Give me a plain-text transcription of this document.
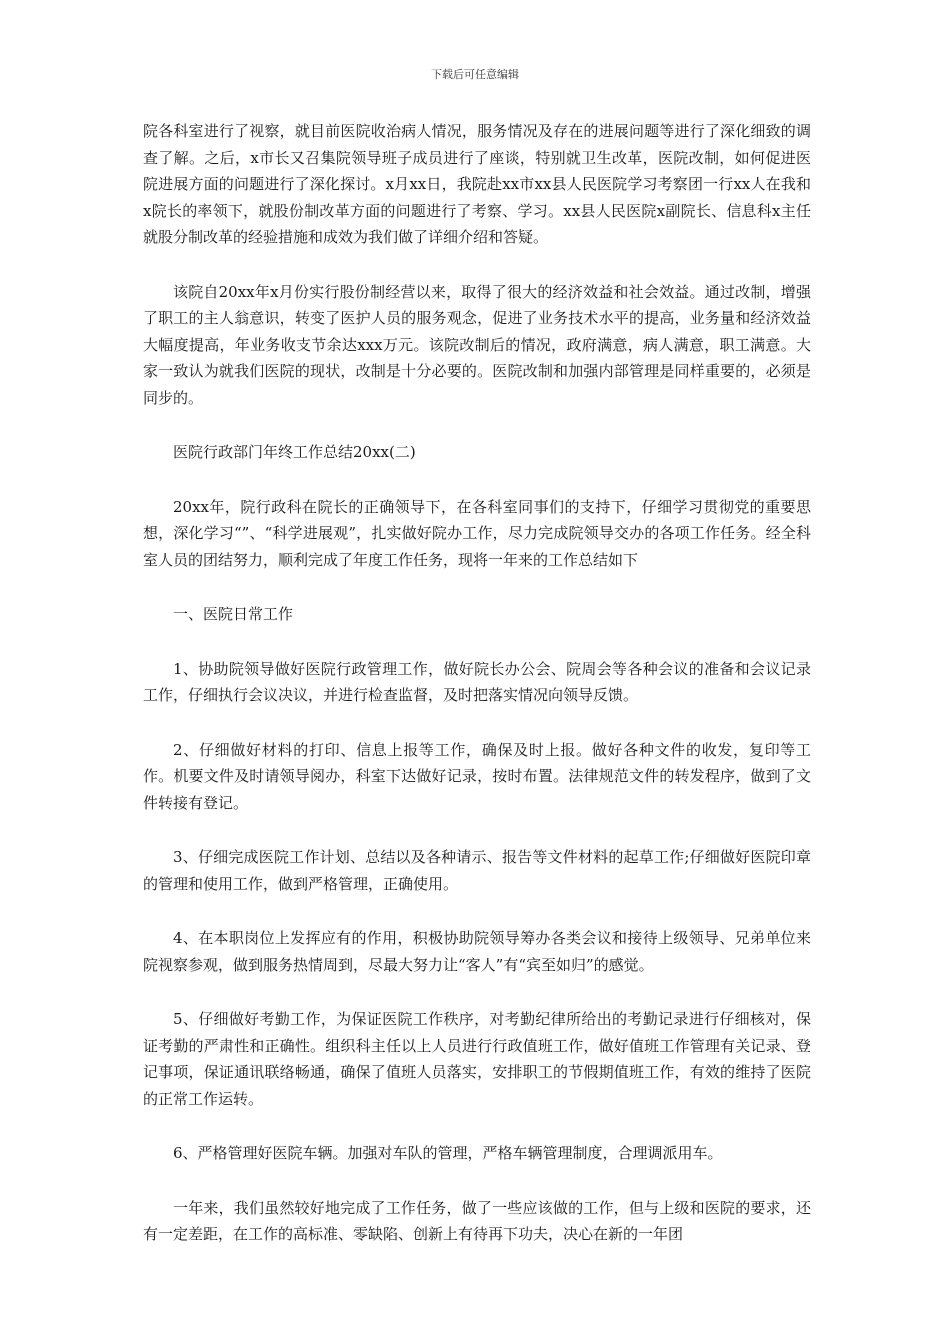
下载后可任意编辑

院各科室进行了视察，就目前医院收治病人情况，服务情况及存在的进展问题等进行了深化细致的调查了解。之后，x市长又召集院领导班子成员进行了座谈，特别就卫生改革，医院改制，如何促进医院进展方面的问题进行了深化探讨。x月xx日，我院赴xx市xx县人民医院学习考察团一行xx人在我和x院长的率领下，就股份制改革方面的问题进行了考察、学习。xx县人民医院x副院长、信息科x主任就股分制改革的经验措施和成效为我们做了详细介绍和答疑。

该院自20xx年x月份实行股份制经营以来，取得了很大的经济效益和社会效益。通过改制，增强了职工的主人翁意识，转变了医护人员的服务观念，促进了业务技术水平的提高，业务量和经济效益大幅度提高，年业务收支节余达xxx万元。该院改制后的情况，政府满意，病人满意，职工满意。大家一致认为就我们医院的现状，改制是十分必要的。医院改制和加强内部管理是同样重要的，必须是同步的。

医院行政部门年终工作总结20xx(二)

20xx年，院行政科在院长的正确领导下，在各科室同事们的支持下，仔细学习贯彻党的重要思想，深化学习“”、“科学进展观”，扎实做好院办工作，尽力完成院领导交办的各项工作任务。经全科室人员的团结努力，顺利完成了年度工作任务，现将一年来的工作总结如下

一、医院日常工作

1、协助院领导做好医院行政管理工作，做好院长办公会、院周会等各种会议的准备和会议记录工作，仔细执行会议决议，并进行检查监督，及时把落实情况向领导反馈。

2、仔细做好材料的打印、信息上报等工作，确保及时上报。做好各种文件的收发，复印等工作。机要文件及时请领导阅办，科室下达做好记录，按时布置。法律规范文件的转发程序，做到了文件转接有登记。

3、仔细完成医院工作计划、总结以及各种请示、报告等文件材料的起草工作;仔细做好医院印章的管理和使用工作，做到严格管理，正确使用。

4、在本职岗位上发挥应有的作用，积极协助院领导筹办各类会议和接待上级领导、兄弟单位来院视察参观，做到服务热情周到，尽最大努力让“客人”有“宾至如归”的感觉。

5、仔细做好考勤工作，为保证医院工作秩序，对考勤纪律所给出的考勤记录进行仔细核对，保证考勤的严肃性和正确性。组织科主任以上人员进行行政值班工作，做好值班工作管理有关记录、登记事项，保证通讯联络畅通，确保了值班人员落实，安排职工的节假期值班工作，有效的维持了医院的正常工作运转。

6、严格管理好医院车辆。加强对车队的管理，严格车辆管理制度，合理调派用车。

一年来，我们虽然较好地完成了工作任务，做了一些应该做的工作，但与上级和医院的要求，还有一定差距，在工作的高标准、零缺陷、创新上有待再下功夫，决心在新的一年团
